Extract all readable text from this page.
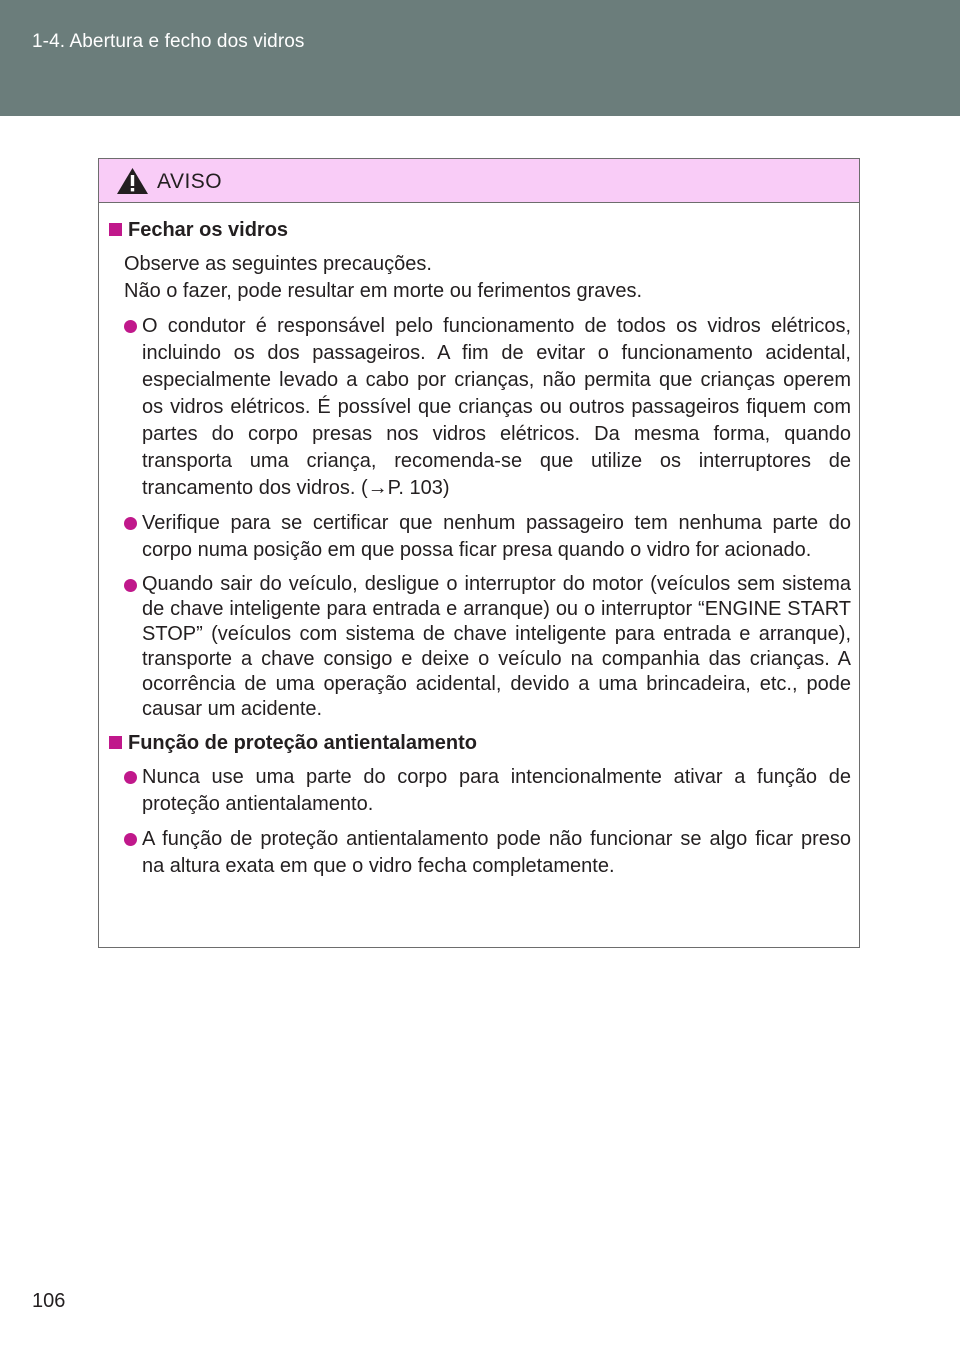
1-4. Abertura e fecho dos vidros
AVISO
Fechar os vidros
Observe as seguintes precauções.
Não o fazer, pode resultar em morte ou ferimentos graves.
O condutor é responsável pelo funcionamento de todos os vidros elétricos, incluindo os dos passageiros. A fim de evitar o funcionamento acidental, especialmente levado a cabo por crianças, não permita que crianças operem os vidros elétricos. É possível que crianças ou outros passageiros fiquem com partes do corpo presas nos vidros elétricos. Da mesma forma, quando transporta uma criança, recomenda-se que utilize os interruptores de trancamento dos vidros. (→P. 103)
Verifique para se certificar que nenhum passageiro tem nenhuma parte do corpo numa posição em que possa ficar presa quando o vidro for acionado.
Quando sair do veículo, desligue o interruptor do motor (veículos sem sistema de chave inteligente para entrada e arranque) ou o interruptor “ENGINE START STOP” (veículos com sistema de chave inteligente para entrada e arranque), transporte a chave consigo e deixe o veículo na companhia das crianças. A ocorrência de uma operação acidental, devido a uma brincadeira, etc., pode causar um acidente.
Função de proteção antientalamento
Nunca use uma parte do corpo para intencionalmente ativar a função de proteção antientalamento.
A função de proteção antientalamento pode não funcionar se algo ficar preso na altura exata em que o vidro fecha completamente.
106
